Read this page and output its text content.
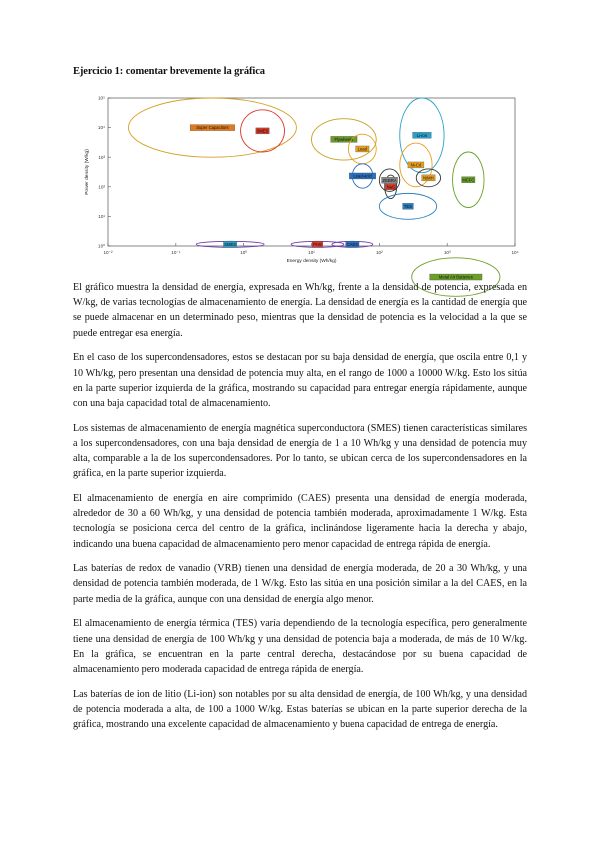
Ejercicio 1: comentar brevemente la gráfica
10⁻²	10⁻¹	10⁰	10¹	10²	10³	10⁴
10⁵
10⁴
10³
10²
10¹
10⁰
Energy density (Wh/kg)
Power density (W/kg)
Super Capacitors
SMES
Flywheels
Li-ion
Lead
Ni-Cd
Lead-acid
NaS
ZEBRA	NiMH
TES
MCFC
SMES	PHS	CAES
Metal Air Batteries

El gráfico muestra la densidad de energía, expresada en Wh/kg, frente a la densidad de potencia, expresada en W/kg, de varias tecnologías de almacenamiento de energía. La densidad de energía es la cantidad de energía que se puede almacenar en un determinado peso, mientras que la densidad de potencia es la velocidad a la que se puede entregar esa energía.

En el caso de los supercondensadores, estos se destacan por su baja densidad de energía, que oscila entre 0,1 y 10 Wh/kg, pero presentan una densidad de potencia muy alta, en el rango de 1000 a 10000 W/kg. Esto los sitúa en la parte superior izquierda de la gráfica, mostrando su capacidad para entregar energía rápidamente, aunque con una baja capacidad total de almacenamiento.

Los sistemas de almacenamiento de energía magnética superconductora (SMES) tienen características similares a los supercondensadores, con una baja densidad de energía de 1 a 10 Wh/kg y una densidad de potencia muy alta, comparable a la de los supercondensadores. Por lo tanto, se ubican cerca de los supercondensadores en la gráfica, en la parte superior izquierda.

El almacenamiento de energía en aire comprimido (CAES) presenta una densidad de energía moderada, alrededor de 30 a 60 Wh/kg, y una densidad de potencia también moderada, aproximadamente 1 W/kg. Esta tecnología se posiciona cerca del centro de la gráfica, inclinándose ligeramente hacia la derecha y abajo, indicando una buena capacidad de almacenamiento pero menor capacidad de entrega rápida de energía.

Las baterías de redox de vanadio (VRB) tienen una densidad de energía moderada, de 20 a 30 Wh/kg, y una densidad de potencia también moderada, de 1 W/kg. Esto las sitúa en una posición similar a la del CAES, en la parte media de la gráfica, aunque con una densidad de energía algo menor.

El almacenamiento de energía térmica (TES) varía dependiendo de la tecnología específica, pero generalmente tiene una densidad de energía de 100 Wh/kg y una densidad de potencia baja a moderada, de más de 10 W/kg. En la gráfica, se encuentran en la parte central derecha, destacándose por su buena capacidad de almacenamiento pero moderada capacidad de entrega rápida de energía.

Las baterías de ion de litio (Li-ion) son notables por su alta densidad de energía, de 100 Wh/kg, y una densidad de potencia moderada a alta, de 100 a 1000 W/kg. Estas baterías se ubican en la parte superior derecha de la gráfica, mostrando una excelente capacidad de almacenamiento y buena capacidad de entrega de energía.
